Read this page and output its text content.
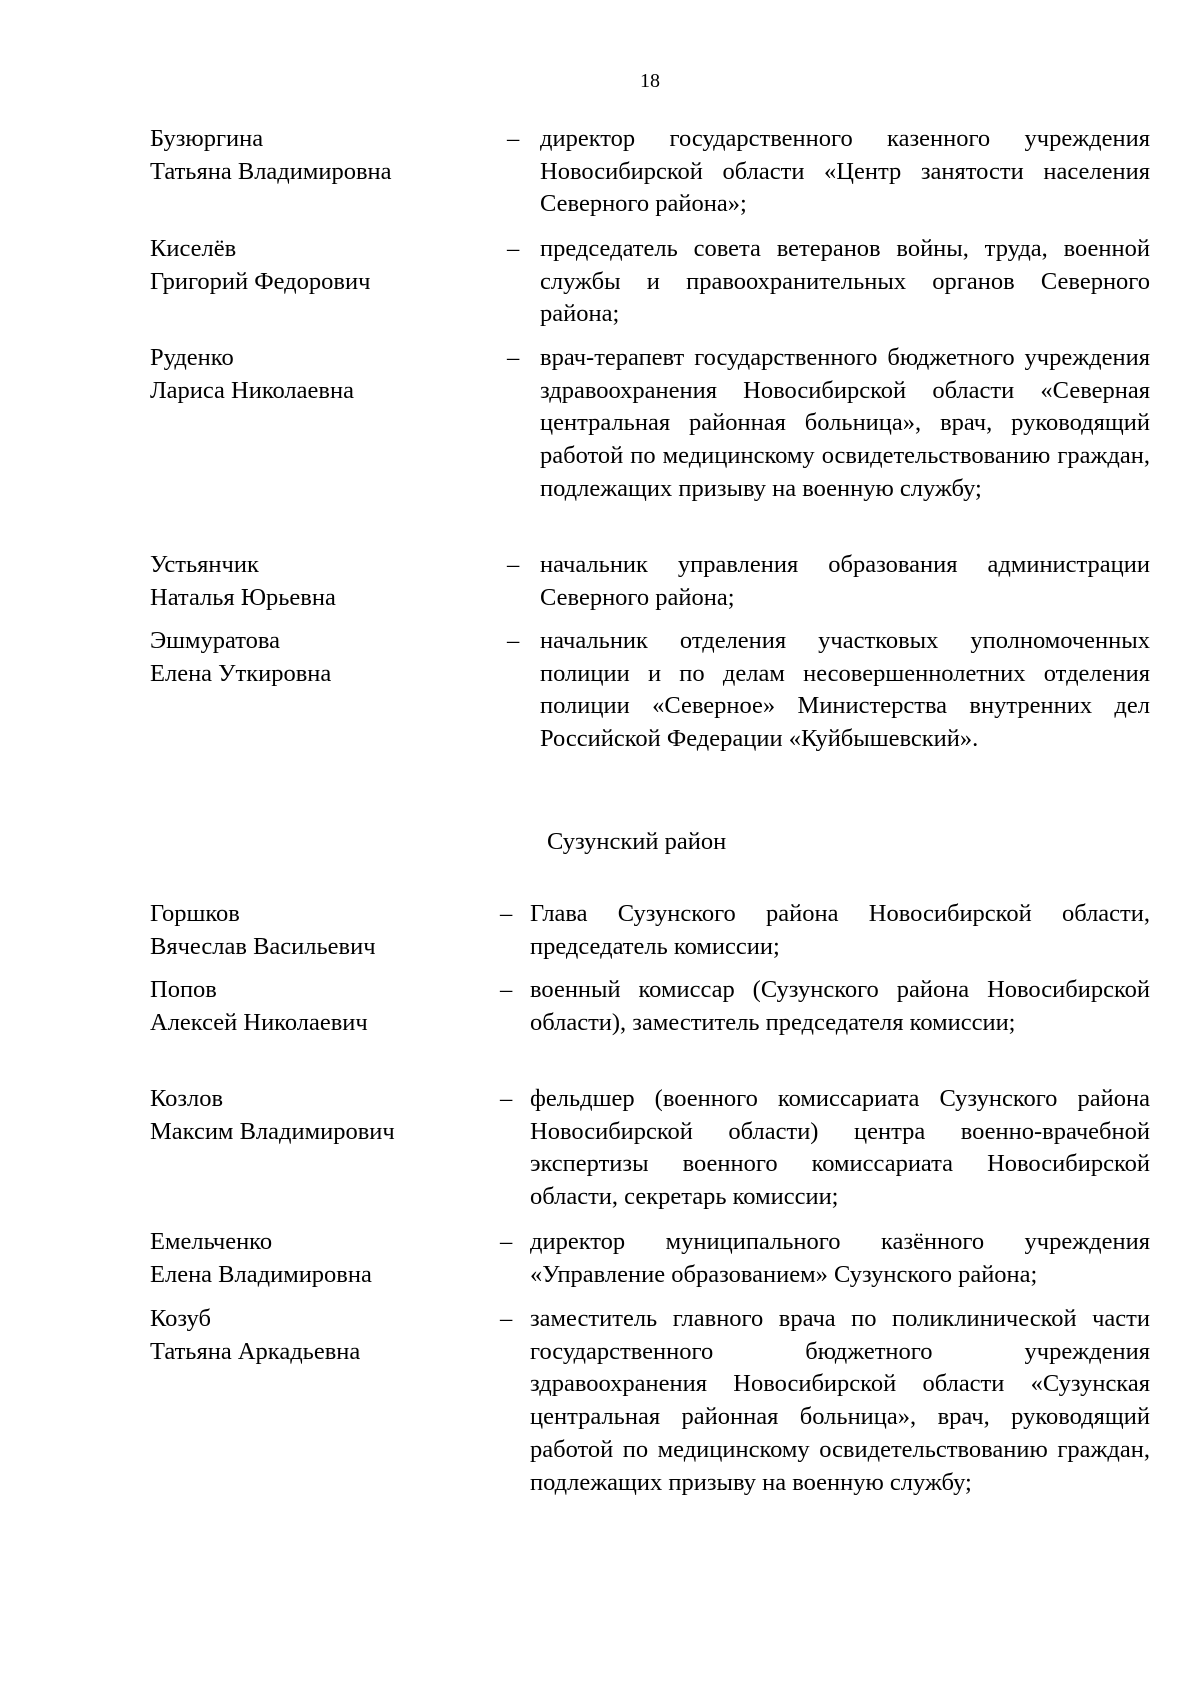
18
Бузюргина
Татьяна Владимировна
– директор государственного казенного учреждения Новосибирской области «Центр занятости населения Северного района»;
Киселёв
Григорий Федорович
– председатель совета ветеранов войны, труда, военной службы и правоохранительных органов Северного района;
Руденко
Лариса Николаевна
– врач-терапевт государственного бюджетного учреждения здравоохранения Новосибирской области «Северная центральная районная больница», врач, руководящий работой по медицинскому освидетельствованию граждан, подлежащих призыву на военную службу;
Устьянчик
Наталья Юрьевна
– начальник управления образования администрации Северного района;
Эшмуратова
Елена Уткировна
– начальник отделения участковых уполномоченных полиции и по делам несовершеннолетних отделения полиции «Северное» Министерства внутренних дел Российской Федерации «Куйбышевский».
Сузунский район
Горшков
Вячеслав Васильевич
– Глава Сузунского района Новосибирской области, председатель комиссии;
Попов
Алексей Николаевич
– военный комиссар (Сузунского района Новосибирской области), заместитель председателя комиссии;
Козлов
Максим Владимирович
– фельдшер (военного комиссариата Сузунского района Новосибирской области) центра военно-врачебной экспертизы военного комиссариата Новосибирской области, секретарь комиссии;
Емельченко
Елена Владимировна
– директор муниципального казённого учреждения «Управление образованием» Сузунского района;
Козуб
Татьяна Аркадьевна
– заместитель главного врача по поликлинической части государственного бюджетного учреждения здравоохранения Новосибирской области «Сузунская центральная районная больница», врач, руководящий работой по медицинскому освидетельствованию граждан, подлежащих призыву на военную службу;
